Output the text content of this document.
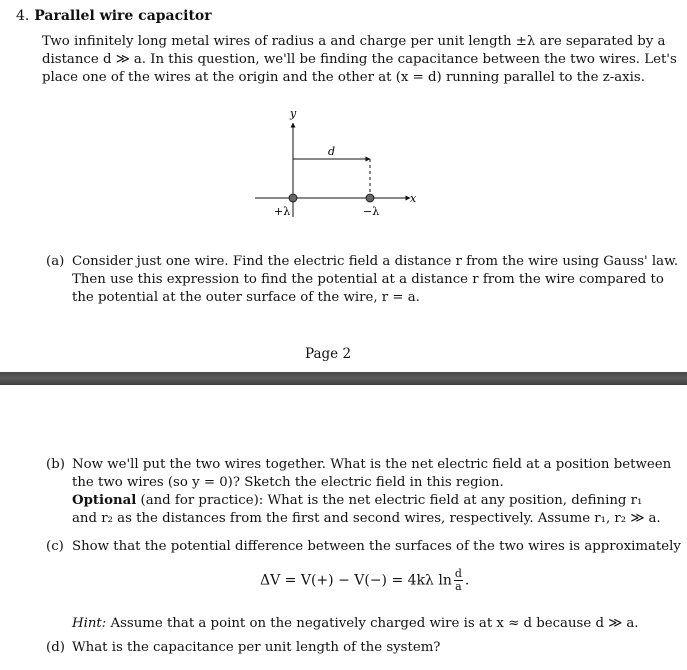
4. Parallel wire capacitor
Two infinitely long metal wires of radius a and charge per unit length ±λ are separated by a
distance d ≫ a. In this question, we'll be finding the capacitance between the two wires. Let's
place one of the wires at the origin and the other at (x = d) running parallel to the z-axis.
y
x
d
+λ	−λ
(a) Consider just one wire. Find the electric field a distance r from the wire using Gauss' law.
Then use this expression to find the potential at a distance r from the wire compared to
the potential at the outer surface of the wire, r = a.
Page 2
(b) Now we'll put the two wires together. What is the net electric field at a position between
the two wires (so y = 0)? Sketch the electric field in this region.
Optional (and for practice): What is the net electric field at any position, defining r₁
and r₂ as the distances from the first and second wires, respectively. Assume r₁, r₂ ≫ a.
(c) Show that the potential difference between the surfaces of the two wires is approximately
ΔV = V(+) − V(−) = 4kλ $\ln \frac{d}{a}$ .
Hint: Assume that a point on the negatively charged wire is at x ≈ d because d ≫ a.
(d) What is the capacitance per unit length of the system?
